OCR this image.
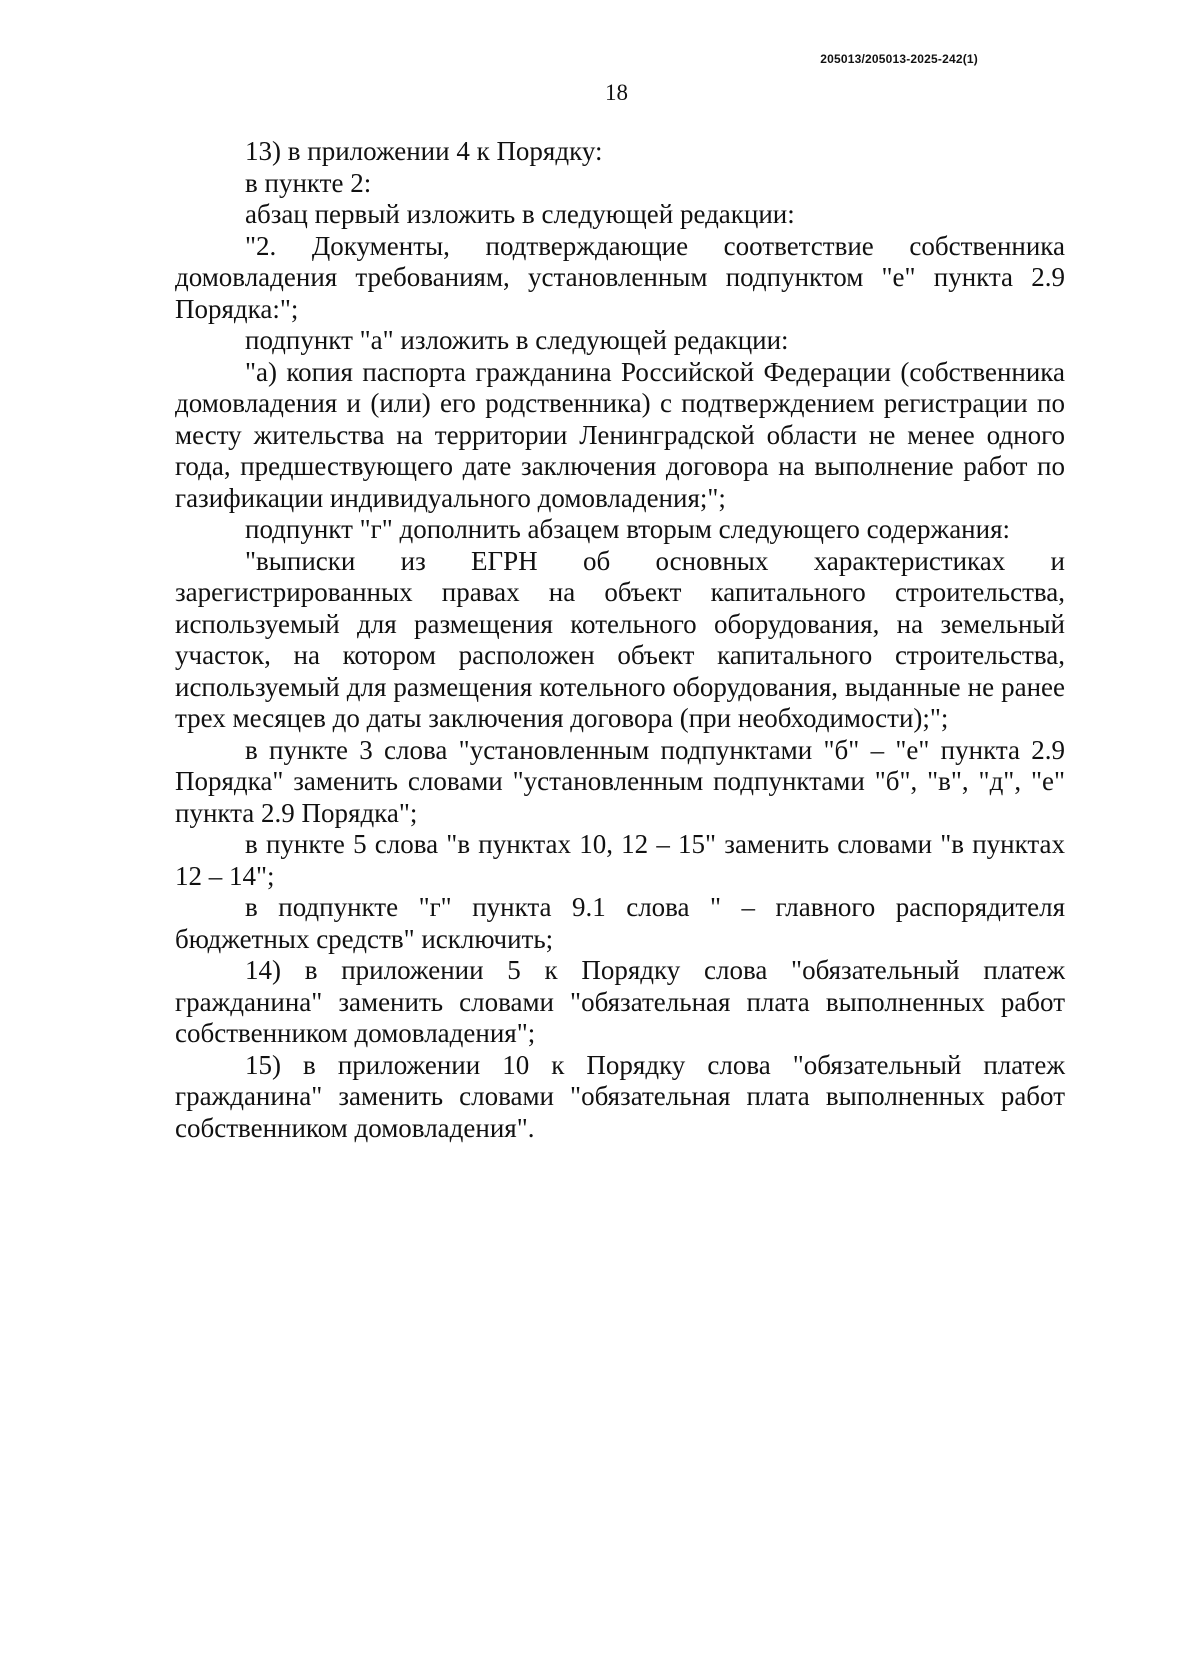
205013/205013-2025-242(1)
18

13) в приложении 4 к Порядку:

в пункте 2:

абзац первый изложить в следующей редакции:

"2. Документы, подтверждающие соответствие собственника домовладения требованиям, установленным подпунктом "е" пункта 2.9 Порядка:";

подпункт "а" изложить в следующей редакции:

"а) копия паспорта гражданина Российской Федерации (собственника домовладения и (или) его родственника) с подтверждением регистрации по месту жительства на территории Ленинградской области не менее одного года, предшествующего дате заключения договора на выполнение работ по газификации индивидуального домовладения;";

подпункт "г" дополнить абзацем вторым следующего содержания:

"выписки из ЕГРН об основных характеристиках и зарегистрированных правах на объект капитального строительства, используемый для размещения котельного оборудования, на земельный участок, на котором расположен объект капитального строительства, используемый для размещения котельного оборудования, выданные не ранее трех месяцев до даты заключения договора (при необходимости);";

в пункте 3 слова "установленным подпунктами "б" – "е" пункта 2.9 Порядка" заменить словами "установленным подпунктами "б", "в", "д", "е" пункта 2.9 Порядка";

в пункте 5 слова "в пунктах 10, 12 – 15" заменить словами "в пунктах 12 – 14";

в подпункте "г" пункта 9.1 слова " – главного распорядителя бюджетных средств" исключить;

14) в приложении 5 к Порядку слова "обязательный платеж гражданина" заменить словами "обязательная плата выполненных работ собственником домовладения";

15) в приложении 10 к Порядку слова "обязательный платеж гражданина" заменить словами "обязательная плата выполненных работ собственником домовладения".
